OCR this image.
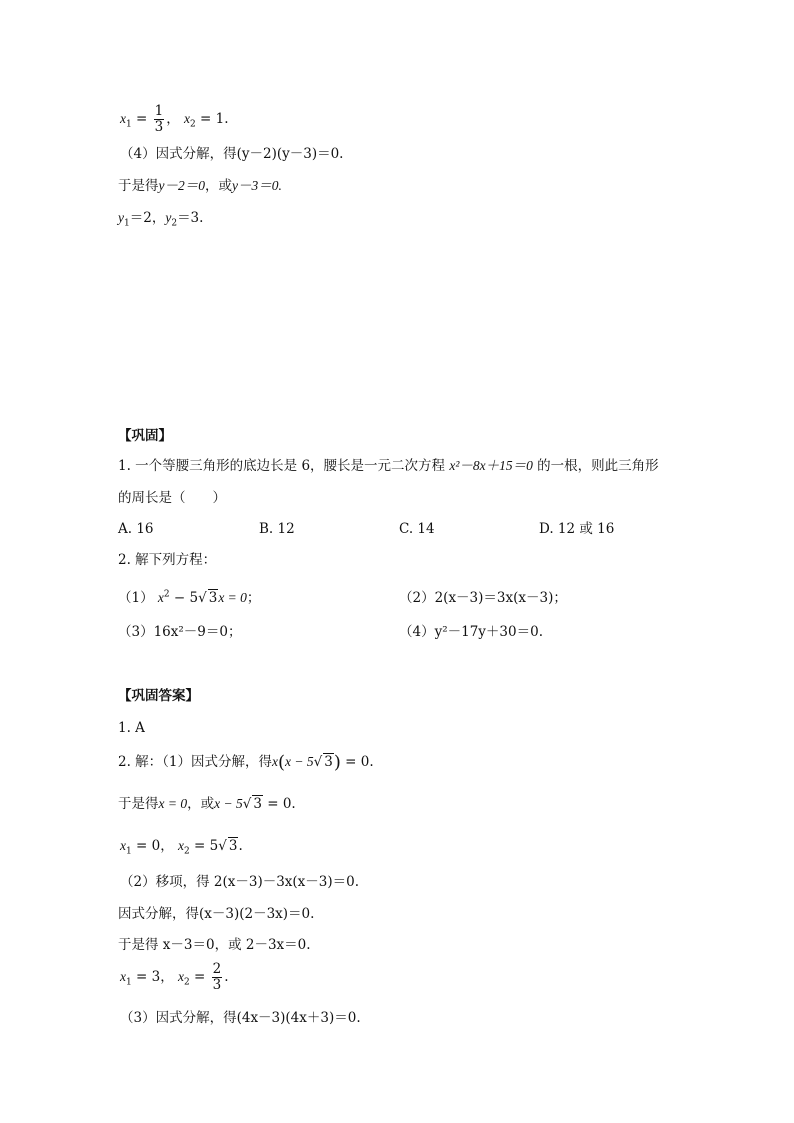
$x_1 = \frac{1}{3}$ ， $x_2 = 1$.
（4）因式分解，得(y－2)(y－3)＝0.
于是得y－2＝0，或y－3＝0.
$y_1=2$，$y_2=3$.
【巩固】
1. 一个等腰三角形的底边长是 6，腰长是一元二次方程 x²－8x＋15＝0 的一根，则此三角形
的周长是（　　）
A. 16	B. 12	C. 14	D. 12 或 16
2. 解下列方程：
（1） $x^2 - 5√$ 3x = 0；	（2）2(x－3)＝3x(x－3)；
（3）16x²－9＝0；	（4）y²－17y＋30＝0.
【巩固答案】
1. A
2. 解：（1）因式分解，得x(x − 5√ 3) = 0.
于是得x = 0，或x − 5√ 3 = 0.
$x_1 = 0$， $x_2 = 5√$ 3.
（2）移项，得 2(x－3)－3x(x－3)＝0.
因式分解，得(x－3)(2－3x)＝0.
于是得 x－3＝0，或 2－3x＝0.
$x_1 = 3$， $x_2 = \frac{2}{3}$ .
（3）因式分解，得(4x－3)(4x＋3)＝0.
